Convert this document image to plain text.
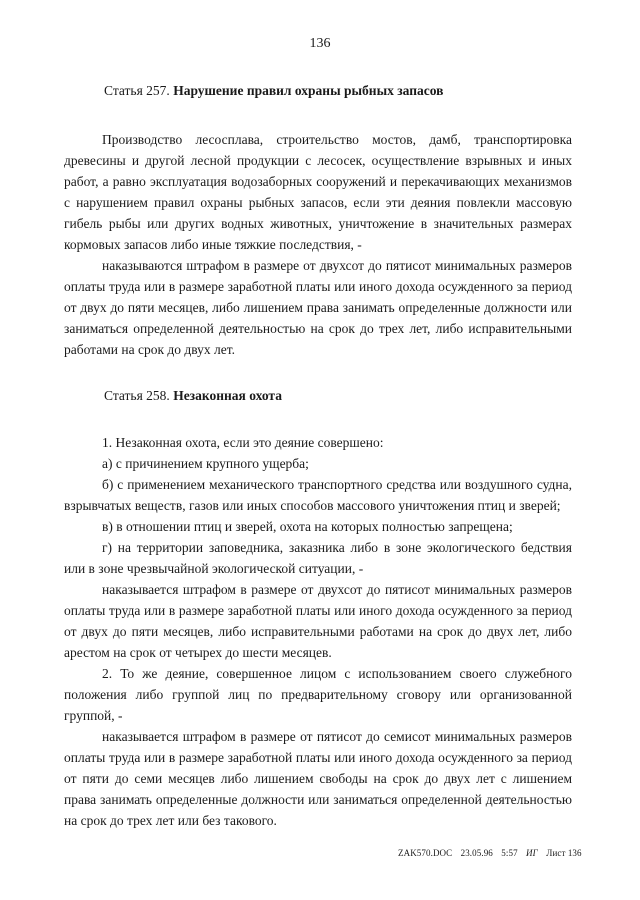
136
Статья 257. Нарушение правил охраны рыбных запасов

Производство лесосплава, строительство мостов, дамб, транспортировка древесины и другой лесной продукции с лесосек, осуществление взрывных и иных работ, а равно эксплуатация водозаборных сооружений и перекачивающих механизмов с нарушением правил охраны рыбных запасов, если эти деяния повлекли массовую гибель рыбы или других водных животных, уничтожение в значительных размерах кормовых запасов либо иные тяжкие последствия, -

наказываются штрафом в размере от двухсот до пятисот минимальных размеров оплаты труда или в размере заработной платы или иного дохода осужденного за период от двух до пяти месяцев, либо лишением права занимать определенные должности или заниматься определенной деятельностью на срок до трех лет, либо исправительными работами на срок до двух лет.

Статья 258. Незаконная охота

1. Незаконная охота, если это деяние совершено:

а) с причинением крупного ущерба;

б) с применением механического транспортного средства или воздушного судна, взрывчатых веществ, газов или иных способов массового уничтожения птиц и зверей;

в) в отношении птиц и зверей, охота на которых полностью запрещена;

г) на территории заповедника, заказника либо в зоне экологического бедствия или в зоне чрезвычайной экологической ситуации, -

наказывается штрафом в размере от двухсот до пятисот минимальных размеров оплаты труда или в размере заработной платы или иного дохода осужденного за период от двух до пяти месяцев, либо исправительными работами на срок до двух лет, либо арестом на срок от четырех до шести месяцев.

2. То же деяние, совершенное лицом с использованием своего служебного положения либо группой лиц по предварительному сговору или организованной группой, -

наказывается штрафом в размере от пятисот до семисот минимальных размеров оплаты труда или в размере заработной платы или иного дохода осужденного за период от пяти до семи месяцев либо лишением свободы на срок до двух лет с лишением права занимать определенные должности или заниматься определенной деятельностью на срок до трех лет или без такового.

ZAK570.DOC 23.05.96 5:57 ИГ Лист 136
